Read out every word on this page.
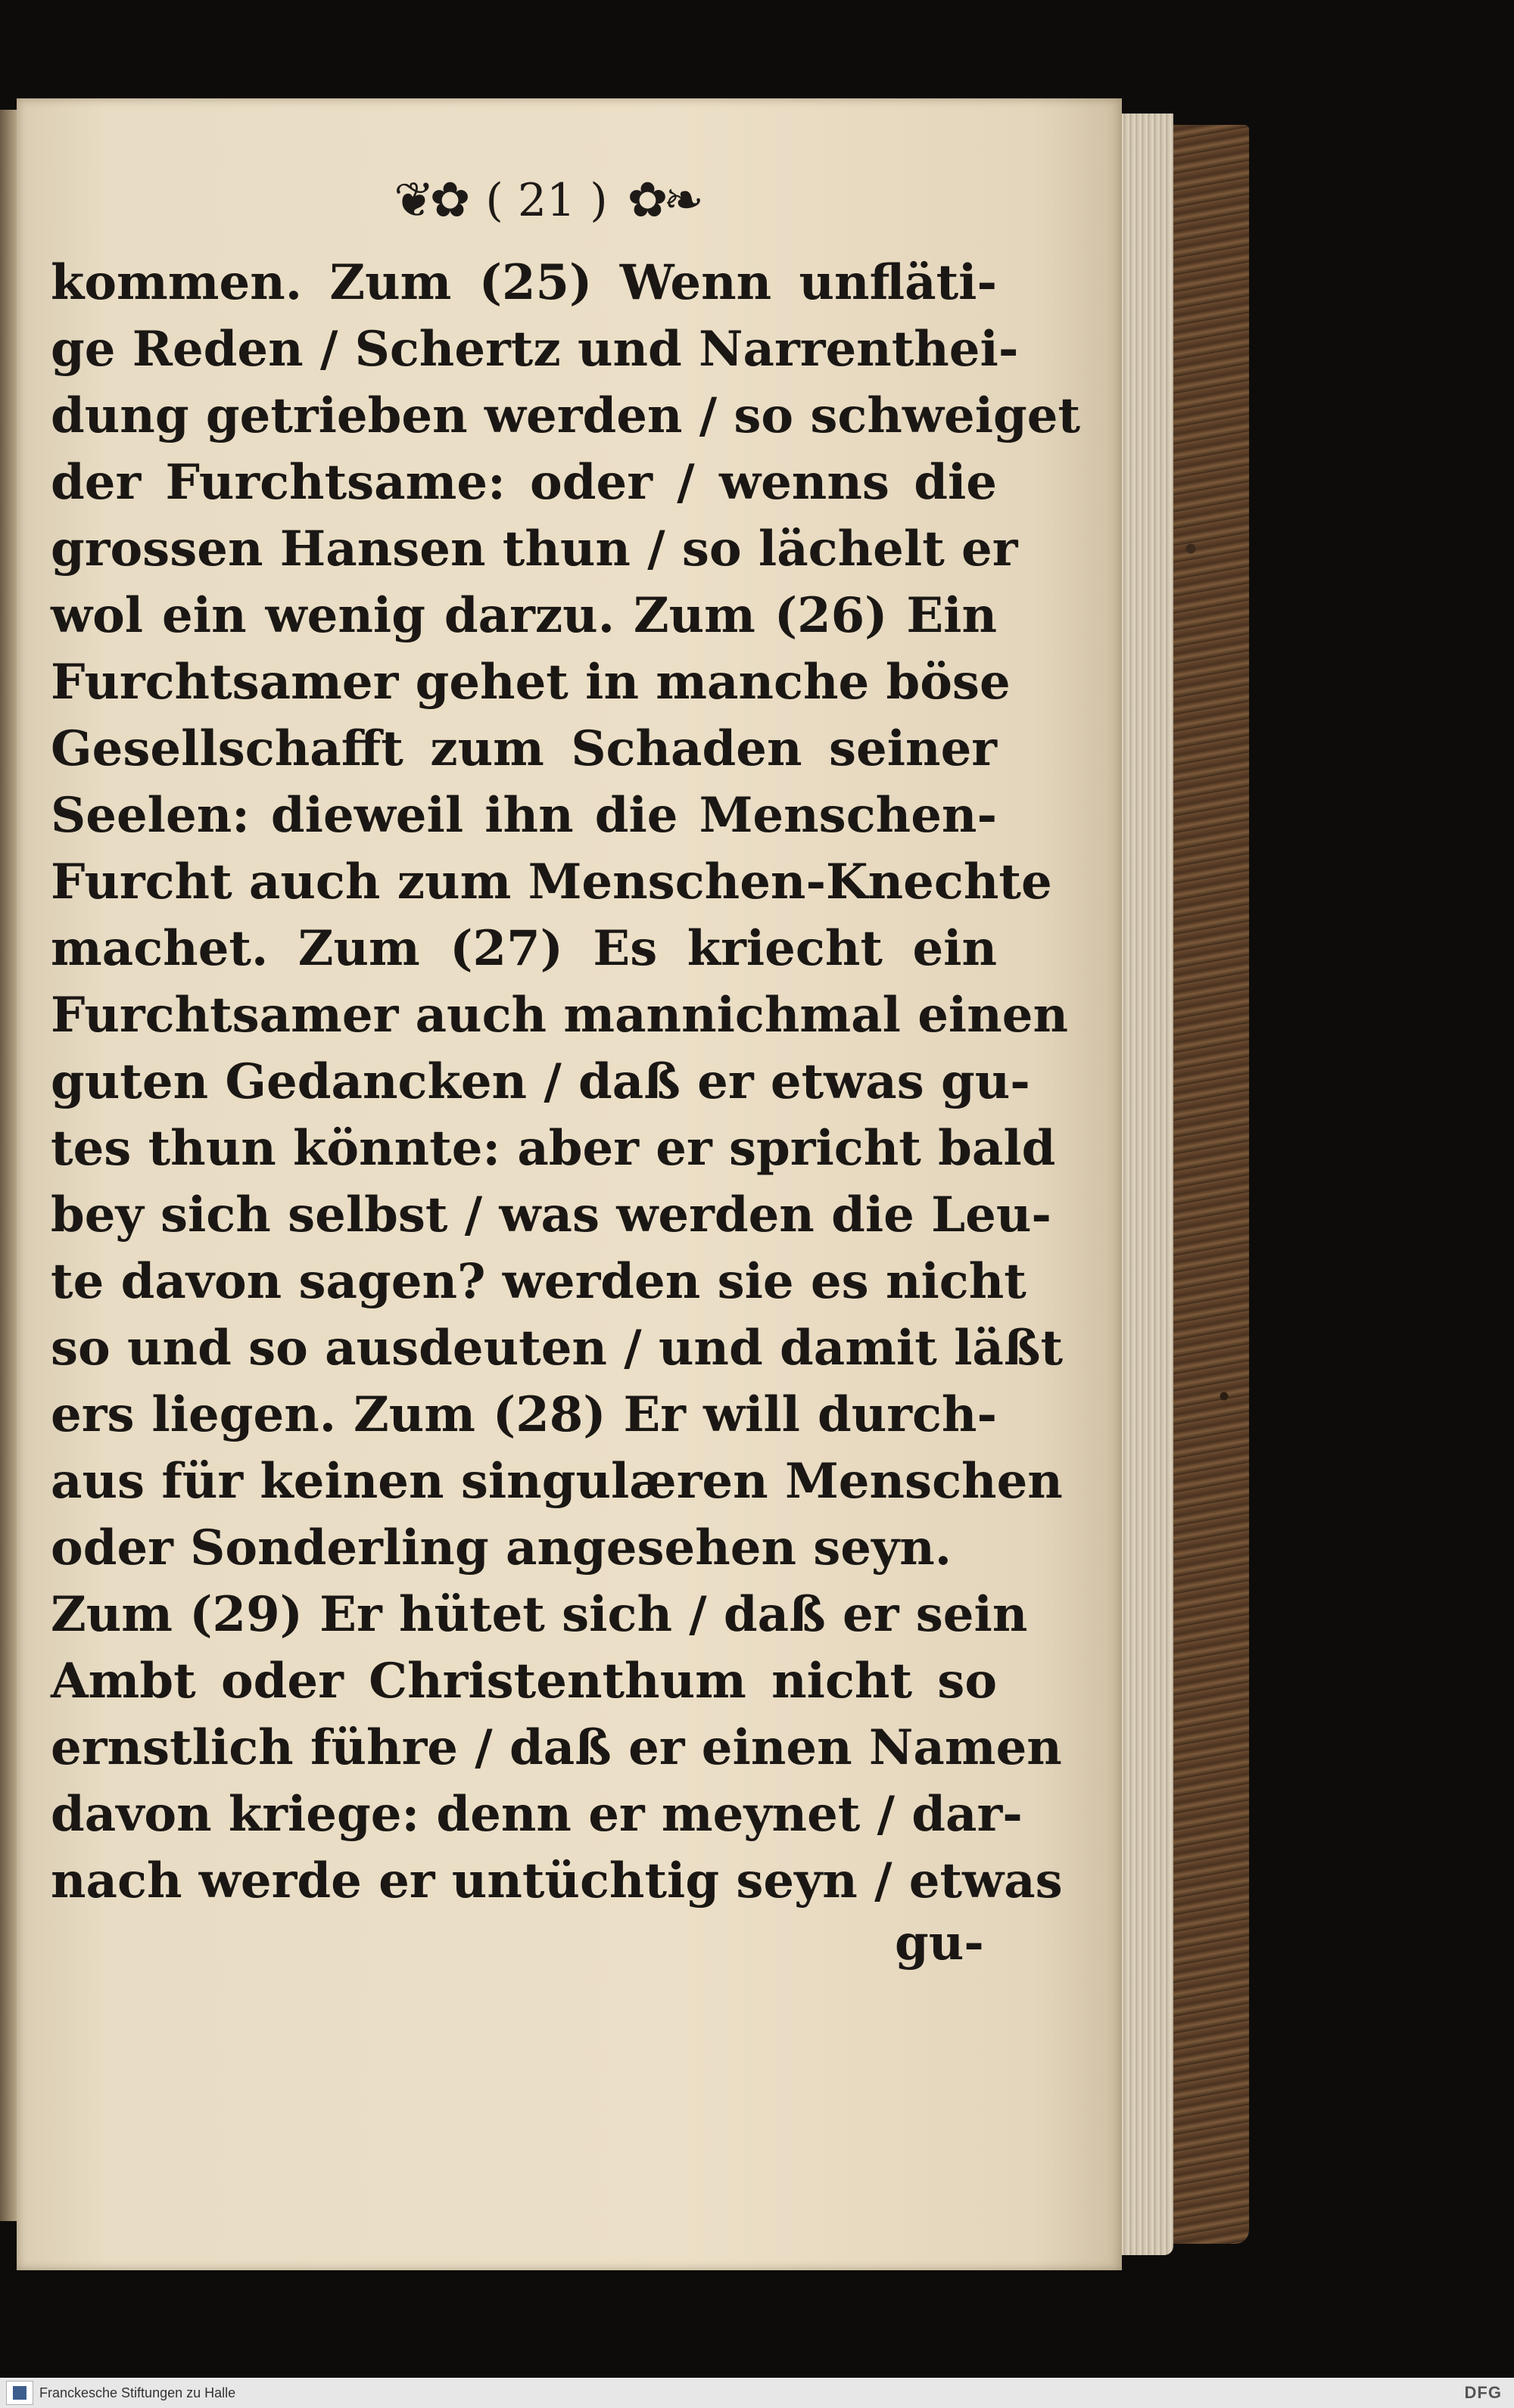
❦✿ ( 21 ) ✿❧
kommen. Zum (25) Wenn unfläti-
ge Reden / Schertz und Narrenthei-
dung getrieben werden / so schweiget
der Furchtsame: oder / wenns die
grossen Hansen thun / so lächelt er
wol ein wenig darzu. Zum (26) Ein
Furchtsamer gehet in manche böse
Gesellschafft zum Schaden seiner
Seelen: dieweil ihn die Menschen-
Furcht auch zum Menschen-Knechte
machet. Zum (27) Es kriecht ein
Furchtsamer auch mannichmal einen
guten Gedancken / daß er etwas gu-
tes thun könnte: aber er spricht bald
bey sich selbst / was werden die Leu-
te davon sagen? werden sie es nicht
so und so ausdeuten / und damit läßt
ers liegen. Zum (28) Er will durch-
aus für keinen singulæren Menschen
oder Sonderling angesehen seyn.
Zum (29) Er hütet sich / daß er sein
Ambt oder Christenthum nicht so
ernstlich führe / daß er einen Namen
davon kriege: denn er meynet / dar-
nach werde er untüchtig seyn / etwas
gu-
Franckesche Stiftungen zu Halle	DFG
